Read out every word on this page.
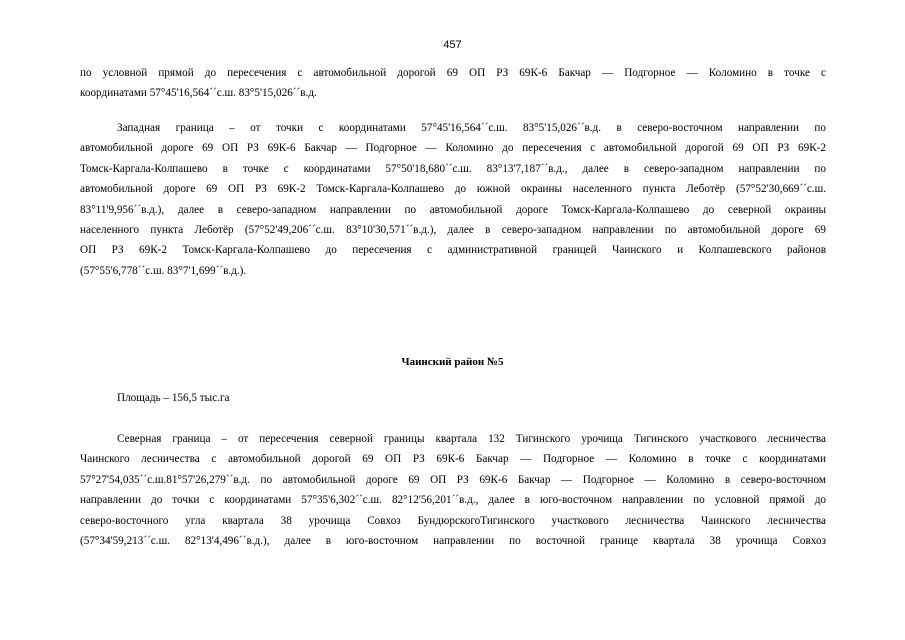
457
по условной прямой до пересечения с автомобильной дорогой 69 ОП РЗ 69К-6 Бакчар — Подгорное — Коломино в точке с
координатами 57°45'16,564´´с.ш. 83°5'15,026´´в.д.
Западная граница – от точки с координатами 57°45'16,564´´с.ш. 83°5'15,026´´в.д. в северо-восточном направлении по
автомобильной дороге 69 ОП РЗ 69К-6 Бакчар — Подгорное — Коломино до пересечения с автомобильной дорогой 69 ОП РЗ 69К-2
Томск-Каргала-Колпашево в точке с координатами 57°50'18,680´´с.ш. 83°13'7,187´´в.д., далее в северо-западном направлении по
автомобильной дороге 69 ОП РЗ 69К-2 Томск-Каргала-Колпашево до южной окраины населенного пункта Леботёр (57°52'30,669´´с.ш.
83°11'9,956´´в.д.), далее в северо-западном направлении по автомобильной дороге Томск-Каргала-Колпашево до северной окраины
населенного пункта Леботёр (57°52'49,206´´с.ш. 83°10'30,571´´в.д.), далее в северо-западном направлении по автомобильной дороге 69
ОП РЗ 69К-2 Томск-Каргала-Колпашево до пересечения с административной границей Чаинского и Колпашевского районов
(57°55'6,778´´с.ш. 83°7'1,699´´в.д.).
Чаинский район №5
Площадь – 156,5 тыс.га
Северная граница – от пересечения северной границы квартала 132 Тигинского урочища Тигинского участкового лесничества
Чаинского лесничества с автомобильной дорогой 69 ОП РЗ 69К-6 Бакчар — Подгорное — Коломино в точке с координатами
57°27'54,035´´с.ш.81°57'26,279´´в.д. по автомобильной дороге 69 ОП РЗ 69К-6 Бакчар — Подгорное — Коломино в северо-восточном
направлении до точки с координатами 57°35'6,302´´с.ш. 82°12'56,201´´в.д., далее в юго-восточном направлении по условной прямой до
северо-восточного угла квартала 38 урочища Совхоз БундюрскогоТигинского участкового лесничества Чаинского лесничества
(57°34'59,213´´с.ш. 82°13'4,496´´в.д.), далее в юго-восточном направлении по восточной границе квартала 38 урочища Совхоз
